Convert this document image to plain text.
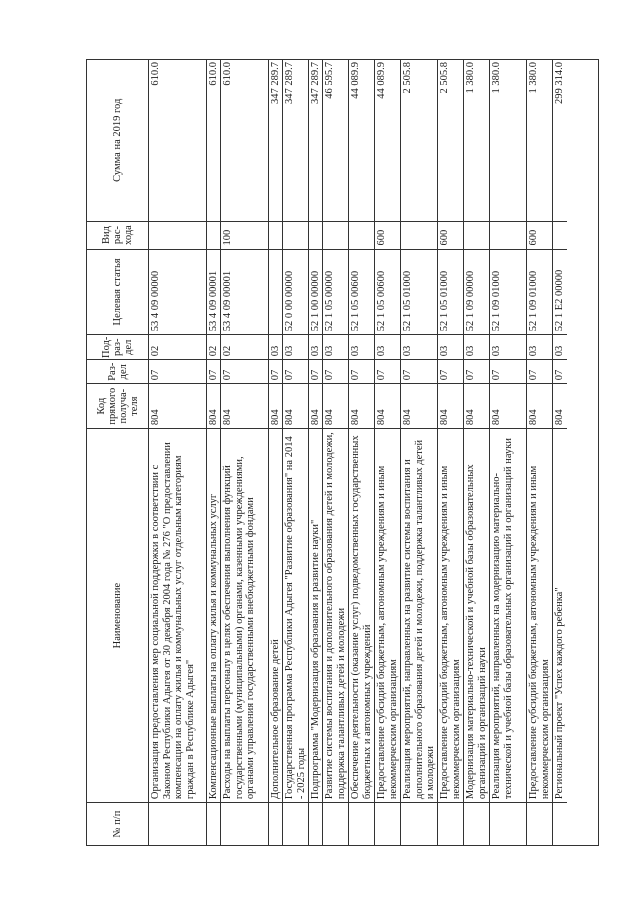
№ п/п
Наименование
Код прямого получа- теля
Раз- дел
Под- раз- дел
Целевая статья
Вид рас- хода
Сумма на 2019 год
Организация предоставления мер социальной поддержки в соответствии с Законом Республики Адыгея от 30 декабря 2004 года № 276 "О предоставлении компенсации на оплату жилья и коммунальных услуг отдельным категориям граждан в Республике Адыгея"
804
07
02
53 4 09 00000
610.0
Компенсационные выплаты на оплату жилья и коммунальных услуг
804
07
02
53 4 09 00001
610.0
Расходы на выплаты персоналу в целях обеспечения выполнения функций государственными (муниципальными) органами, казенными учреждениями, органами управления государственными внебюджетными фондами
804
07
02
53 4 09 00001
100
610.0
Дополнительное образование детей
804
07
03
347 289.7
Государственная программа Республики Адыгея "Развитие образования" на 2014 - 2025 годы
804
07
03
52 0 00 00000
347 289.7
Подпрограмма "Модернизация образования и развитие науки"
804
07
03
52 1 00 00000
347 289.7
Развитие системы воспитания и дополнительного образования детей и молодежи, поддержка талантливых детей и молодежи
804
07
03
52 1 05 00000
46 595.7
Обеспечение деятельности (оказание услуг) подведомственных государственных бюджетных и автономных учреждений
804
07
03
52 1 05 00600
44 089.9
Предоставление субсидий бюджетным, автономным учреждениям и иным некоммерческим организациям
804
07
03
52 1 05 00600
600
44 089.9
Реализация мероприятий, направленных на развитие системы воспитания и дополнительного образования детей и молодежи, поддержка талантливых детей и молодежи
804
07
03
52 1 05 01000
2 505.8
Предоставление субсидий бюджетным, автономным учреждениям и иным некоммерческим организациям
804
07
03
52 1 05 01000
600
2 505.8
Модернизация материально-технической и учебной базы образовательных организаций и организаций науки
804
07
03
52 1 09 00000
1 380.0
Реализация мероприятий, направленных на модернизацию материально-технической и учебной базы образовательных организаций и организаций науки
804
07
03
52 1 09 01000
1 380.0
Предоставление субсидий бюджетным, автономным учреждениям и иным некоммерческим организациям
804
07
03
52 1 09 01000
600
1 380.0
Региональный проект "Успех каждого ребенка"
804
07
03
52 1 E2 00000
299 314.0
